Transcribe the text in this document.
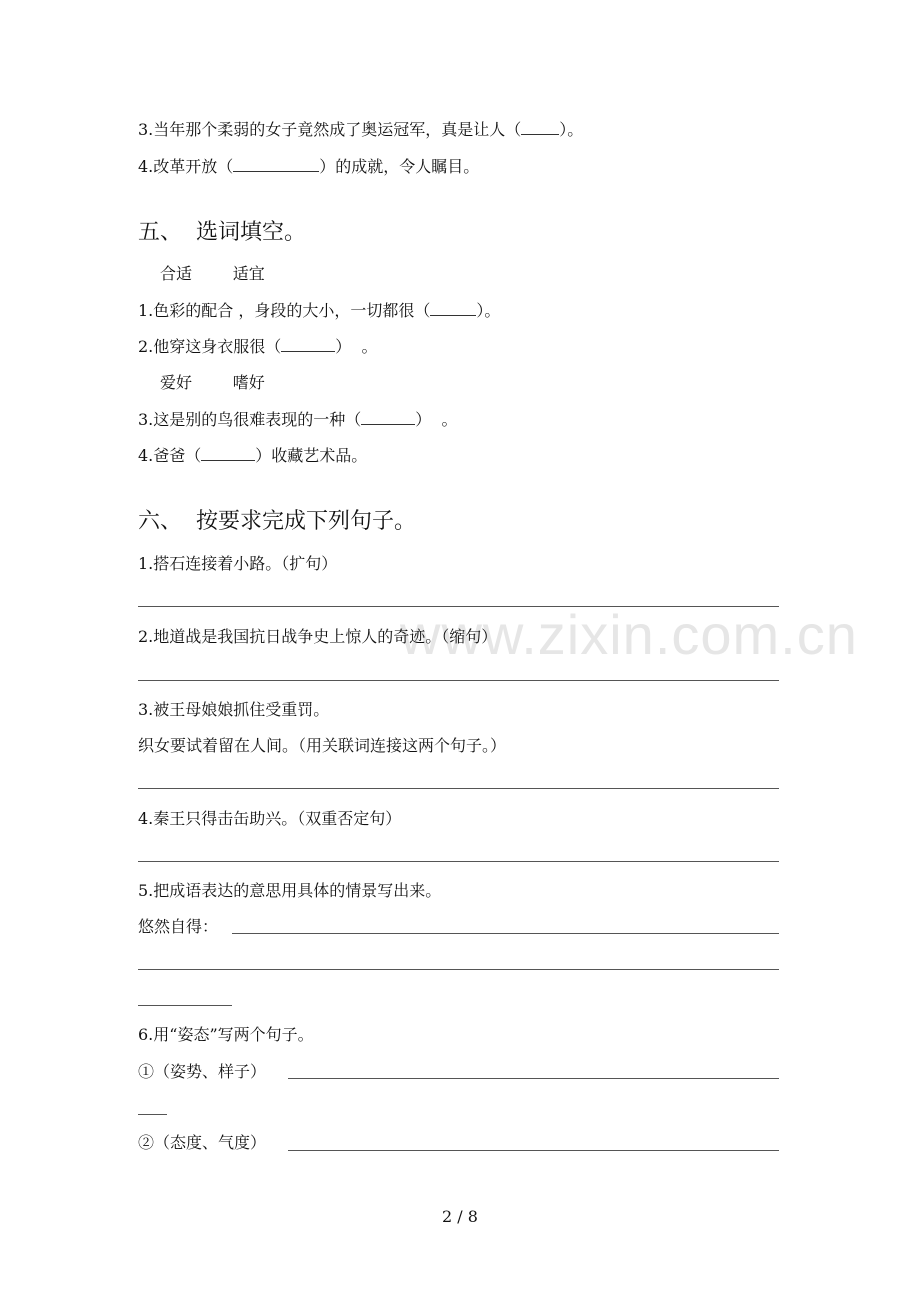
www.zixin.com.cn
3.当年那个柔弱的女子竟然成了奥运冠军，真是让人（ ）。
4.改革开放（	）的成就，令人瞩目。
五、  选词填空。
合适        适宜
1.色彩的配合 ，身段的大小，一切都很（	）。
2.他穿这身衣服很（	）  。
爱好        嗜好
3.这是别的鸟很难表现的一种（	）  。
4.爸爸（	）收藏艺术品。
六、  按要求完成下列句子。
1.搭石连接着小路。（扩句）
2.地道战是我国抗日战争史上惊人的奇迹。（缩句）
3.被王母娘娘抓住受重罚。
织女要试着留在人间。（用关联词连接这两个句子。）
4.秦王只得击缶助兴。（双重否定句）
5.把成语表达的意思用具体的情景写出来。
悠然自得：
6.用“姿态”写两个句子。
①（姿势、样子）
②（态度、气度）
2 / 8
